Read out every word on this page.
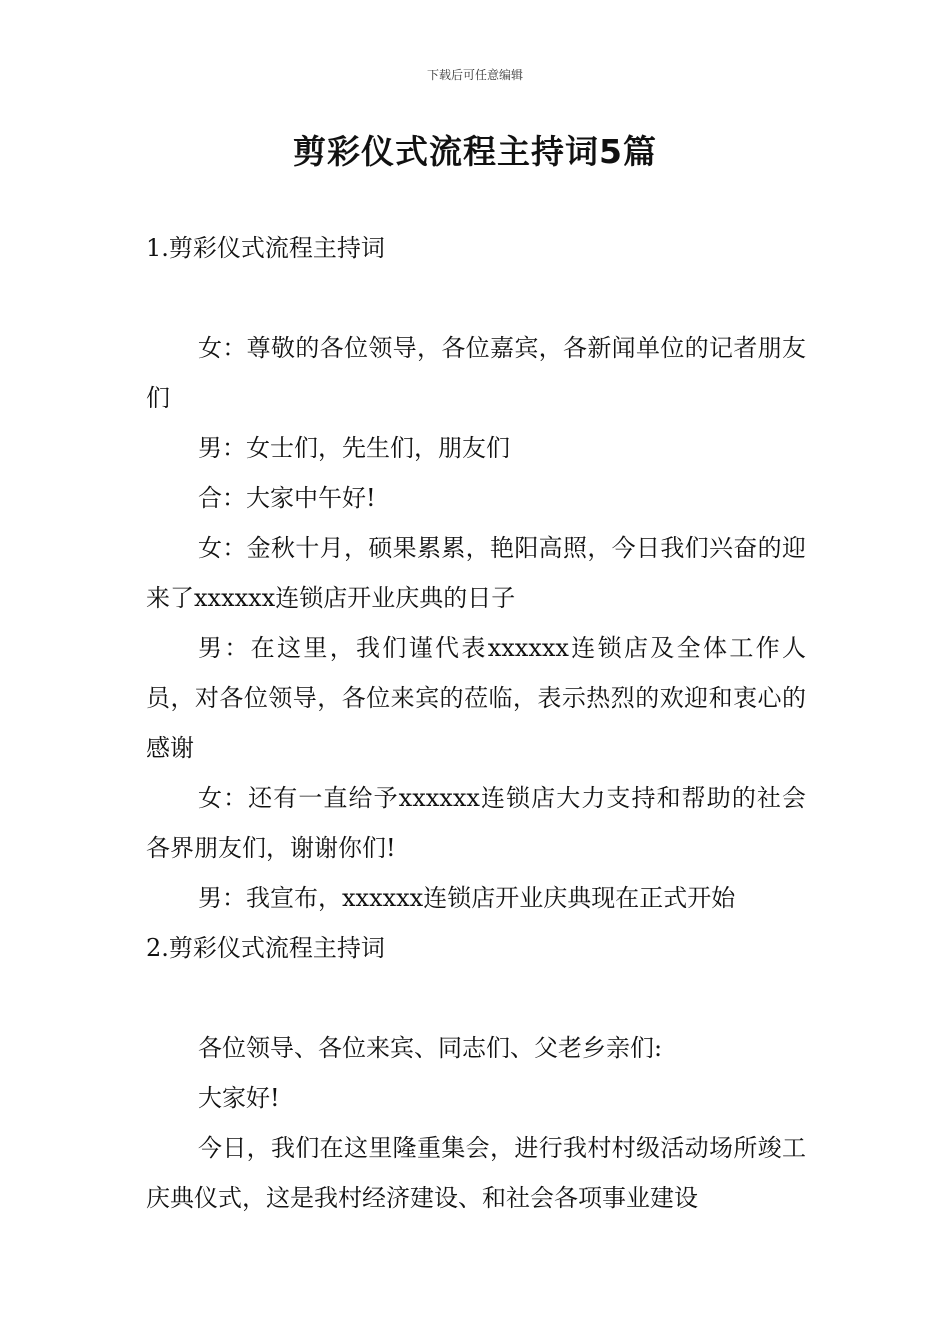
下载后可任意编辑
剪彩仪式流程主持词5篇

1.剪彩仪式流程主持词

女：尊敬的各位领导，各位嘉宾，各新闻单位的记者朋友们

男：女士们，先生们，朋友们

合：大家中午好!

女：金秋十月，硕果累累，艳阳高照，今日我们兴奋的迎来了xxxxxx连锁店开业庆典的日子

男：在这里，我们谨代表xxxxxx连锁店及全体工作人员，对各位领导，各位来宾的莅临，表示热烈的欢迎和衷心的感谢

女：还有一直给予xxxxxx连锁店大力支持和帮助的社会各界朋友们，谢谢你们!

男：我宣布，xxxxxx连锁店开业庆典现在正式开始

2.剪彩仪式流程主持词

各位领导、各位来宾、同志们、父老乡亲们:

大家好!

今日，我们在这里隆重集会，进行我村村级活动场所竣工庆典仪式，这是我村经济建设、和社会各项事业建设
